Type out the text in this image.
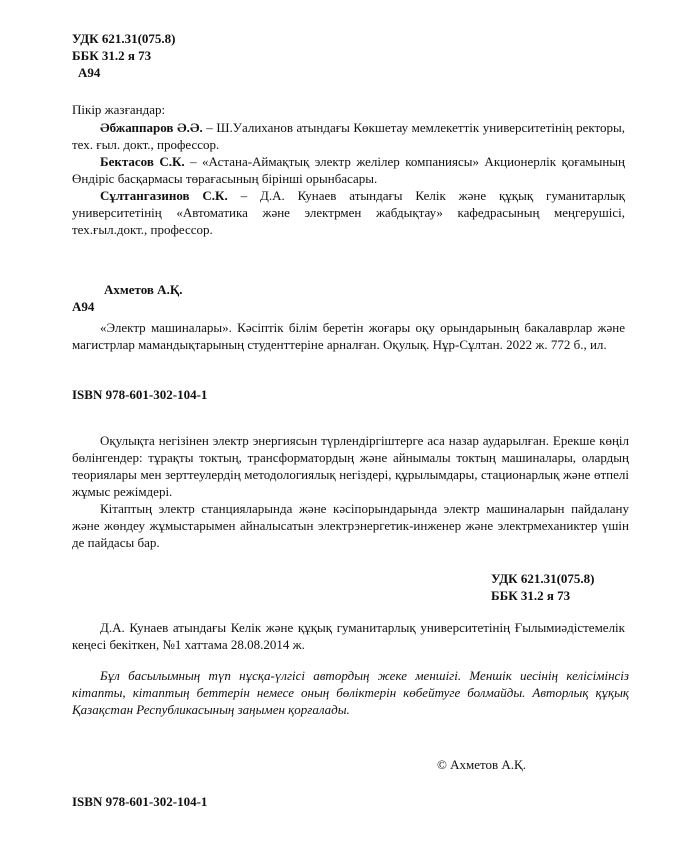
УДК 621.31(075.8)
ББК 31.2 я 73
А94
Пікір жазғандар:

Әбжаппаров Ә.Ә. – Ш.Уалиханов атындағы Көкшетау мемлекеттік университетінің ректоры, тех. ғыл. докт., профессор.

Бектасов С.К. – «Астана-Аймақтық электр желілер компаниясы» Акционерлік қоғамының Өндіріс басқармасы төрағасының бірінші орынбасары.

Сұлтангазинов С.К. – Д.А. Кунаев атындағы Келік және құқық гуманитарлық университетінің «Автоматика және электрмен жабдықтау» кафедрасының меңгерушісі, тех.ғыл.докт., профессор.

Ахметов А.Қ.
А94
«Электр машиналары». Кәсіптік білім беретін жоғары оқу орындарының бакалаврлар және магистрлар мамандықтарының студенттеріне арналған. Оқулық. Нұр-Сұлтан. 2022 ж. 772 б., ил.
ISBN 978-601-302-104-1

Оқулықта негізінен электр энергиясын түрлендіргіштерге аса назар аударылған. Ерекше көңіл бөлінгендер: тұрақты токтың, трансформатордың және айнымалы токтың машиналары, олардың теориялары мен зерттеулердің методологиялық негіздері, құрылымдары, стационарлық және өтпелі жұмыс режімдері.

Кітаптың электр станцияларында және кәсіпорындарында электр машиналарын пайдалану және жөндеу жұмыстарымен айналысатын электрэнергетик-инженер және электрмеханиктер үшін де пайдасы бар.

УДК 621.31(075.8)
ББК 31.2 я 73
Д.А. Кунаев атындағы Келік және құқық гуманитарлық университетінің Ғылымиәдістемелік кеңесі бекіткен, №1 хаттама 28.08.2014 ж.
Бұл басылымның түп нұсқа-үлгісі автордың жеке меншігі. Меншік иесінің келісімінсіз кітапты, кітаптың беттерін немесе оның бөліктерін көбейтуге болмайды. Авторлық құқық Қазақстан Республикасының заңымен қорғалады.
© Ахметов А.Қ.
ISBN 978-601-302-104-1
